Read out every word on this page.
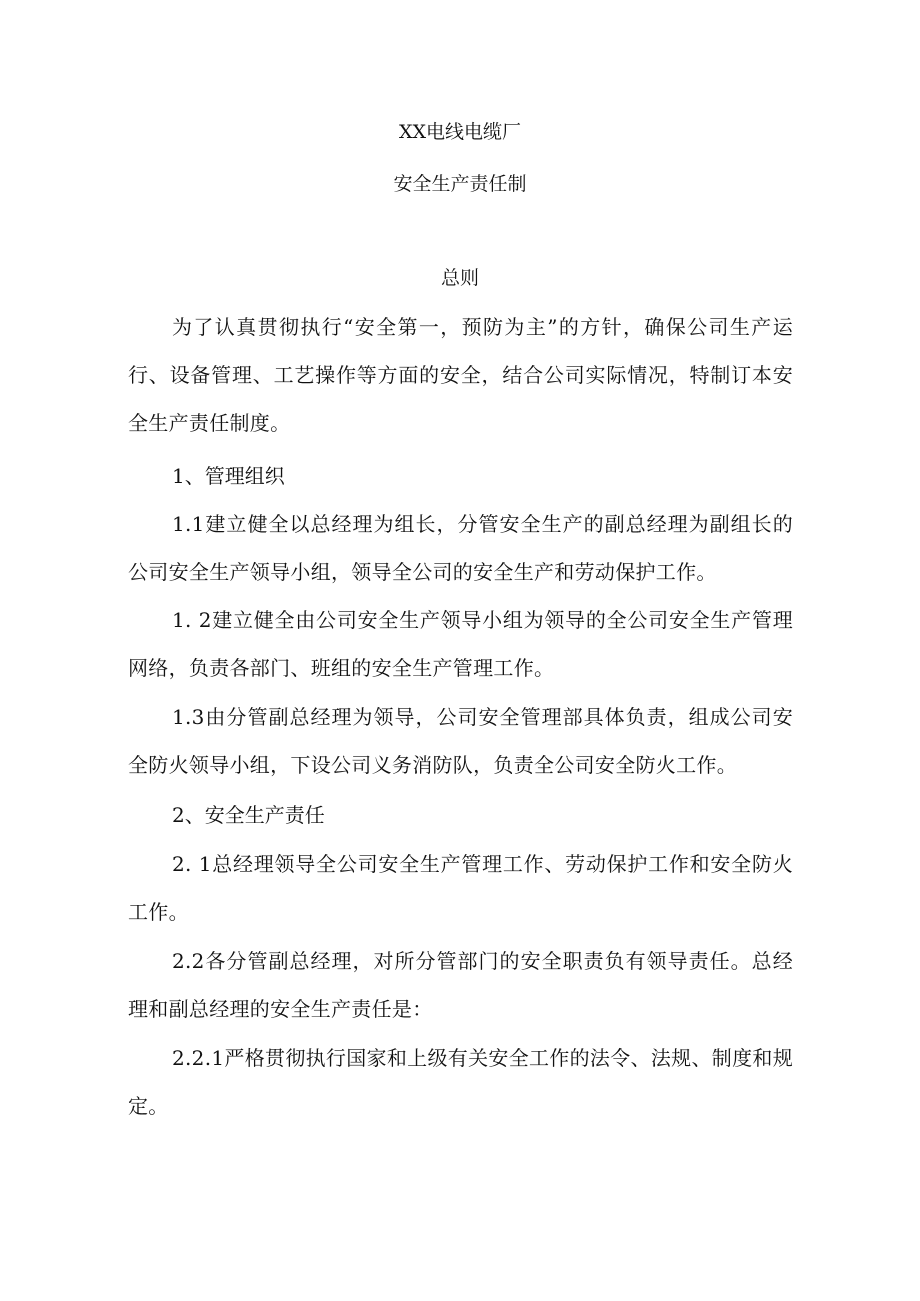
XX电线电缆厂
安全生产责任制
总则

为了认真贯彻执行“安全第一，预防为主”的方针，确保公司生产运行、设备管理、工艺操作等方面的安全，结合公司实际情况，特制订本安全生产责任制度。

1、管理组织

1.1建立健全以总经理为组长，分管安全生产的副总经理为副组长的公司安全生产领导小组，领导全公司的安全生产和劳动保护工作。

1. 2建立健全由公司安全生产领导小组为领导的全公司安全生产管理网络，负责各部门、班组的安全生产管理工作。

1.3由分管副总经理为领导，公司安全管理部具体负责，组成公司安全防火领导小组，下设公司义务消防队，负责全公司安全防火工作。

2、安全生产责任

2. 1总经理领导全公司安全生产管理工作、劳动保护工作和安全防火工作。

2.2各分管副总经理，对所分管部门的安全职责负有领导责任。总经理和副总经理的安全生产责任是：

2.2.1严格贯彻执行国家和上级有关安全工作的法令、法规、制度和规定。
